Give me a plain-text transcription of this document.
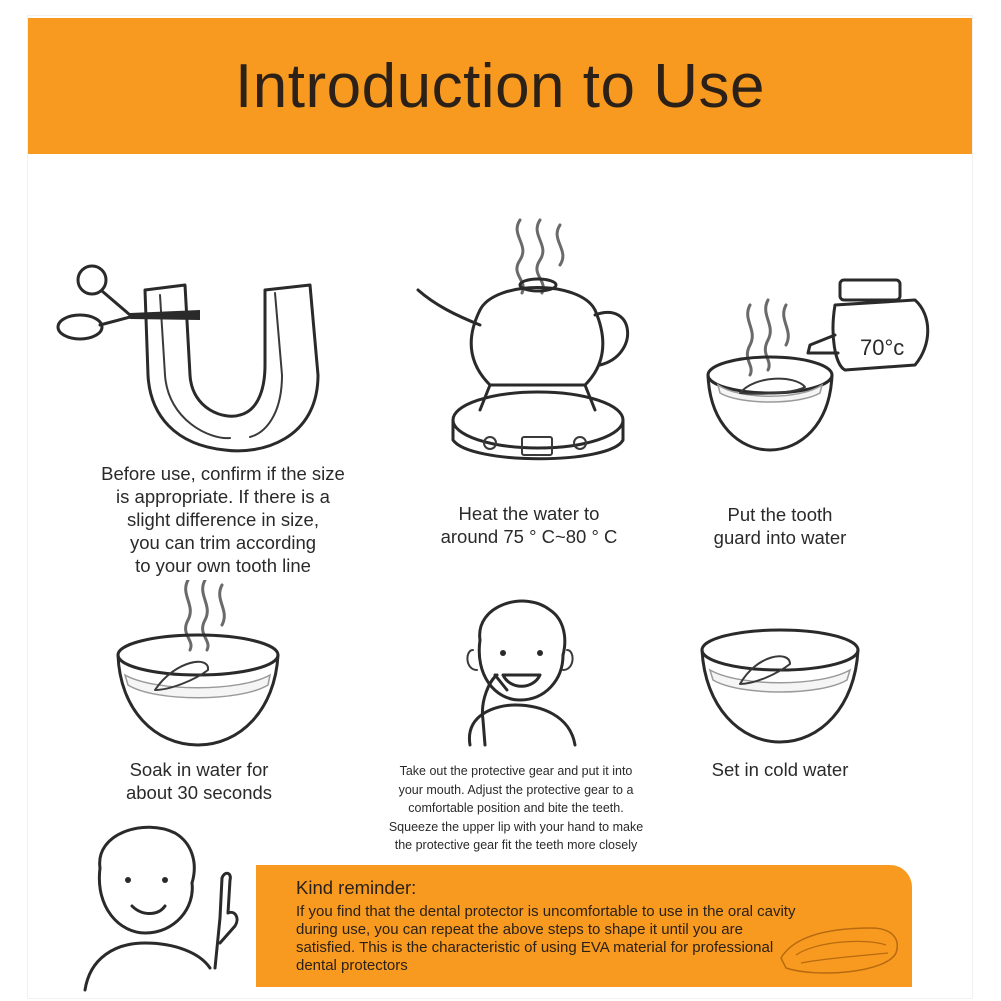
Introduction to Use
Before use, confirm if the size
is appropriate. If there is a
slight difference in size,
you can trim according
to your own tooth line
Heat the water to
around 75 ° C~80 ° C
70°c
Put the tooth
guard into water
Soak in water for
about 30 seconds
Take out the protective gear and put it into
your mouth. Adjust the protective gear to a
comfortable position and bite the teeth.
Squeeze the upper lip with your hand to make
the protective gear fit the teeth more closely
Set in cold water
Kind reminder:
If you find that the dental protector is uncomfortable to use in the oral cavity during use, you can repeat the above steps to shape it until you are satisfied. This is the characteristic of using EVA material for professional dental protectors
